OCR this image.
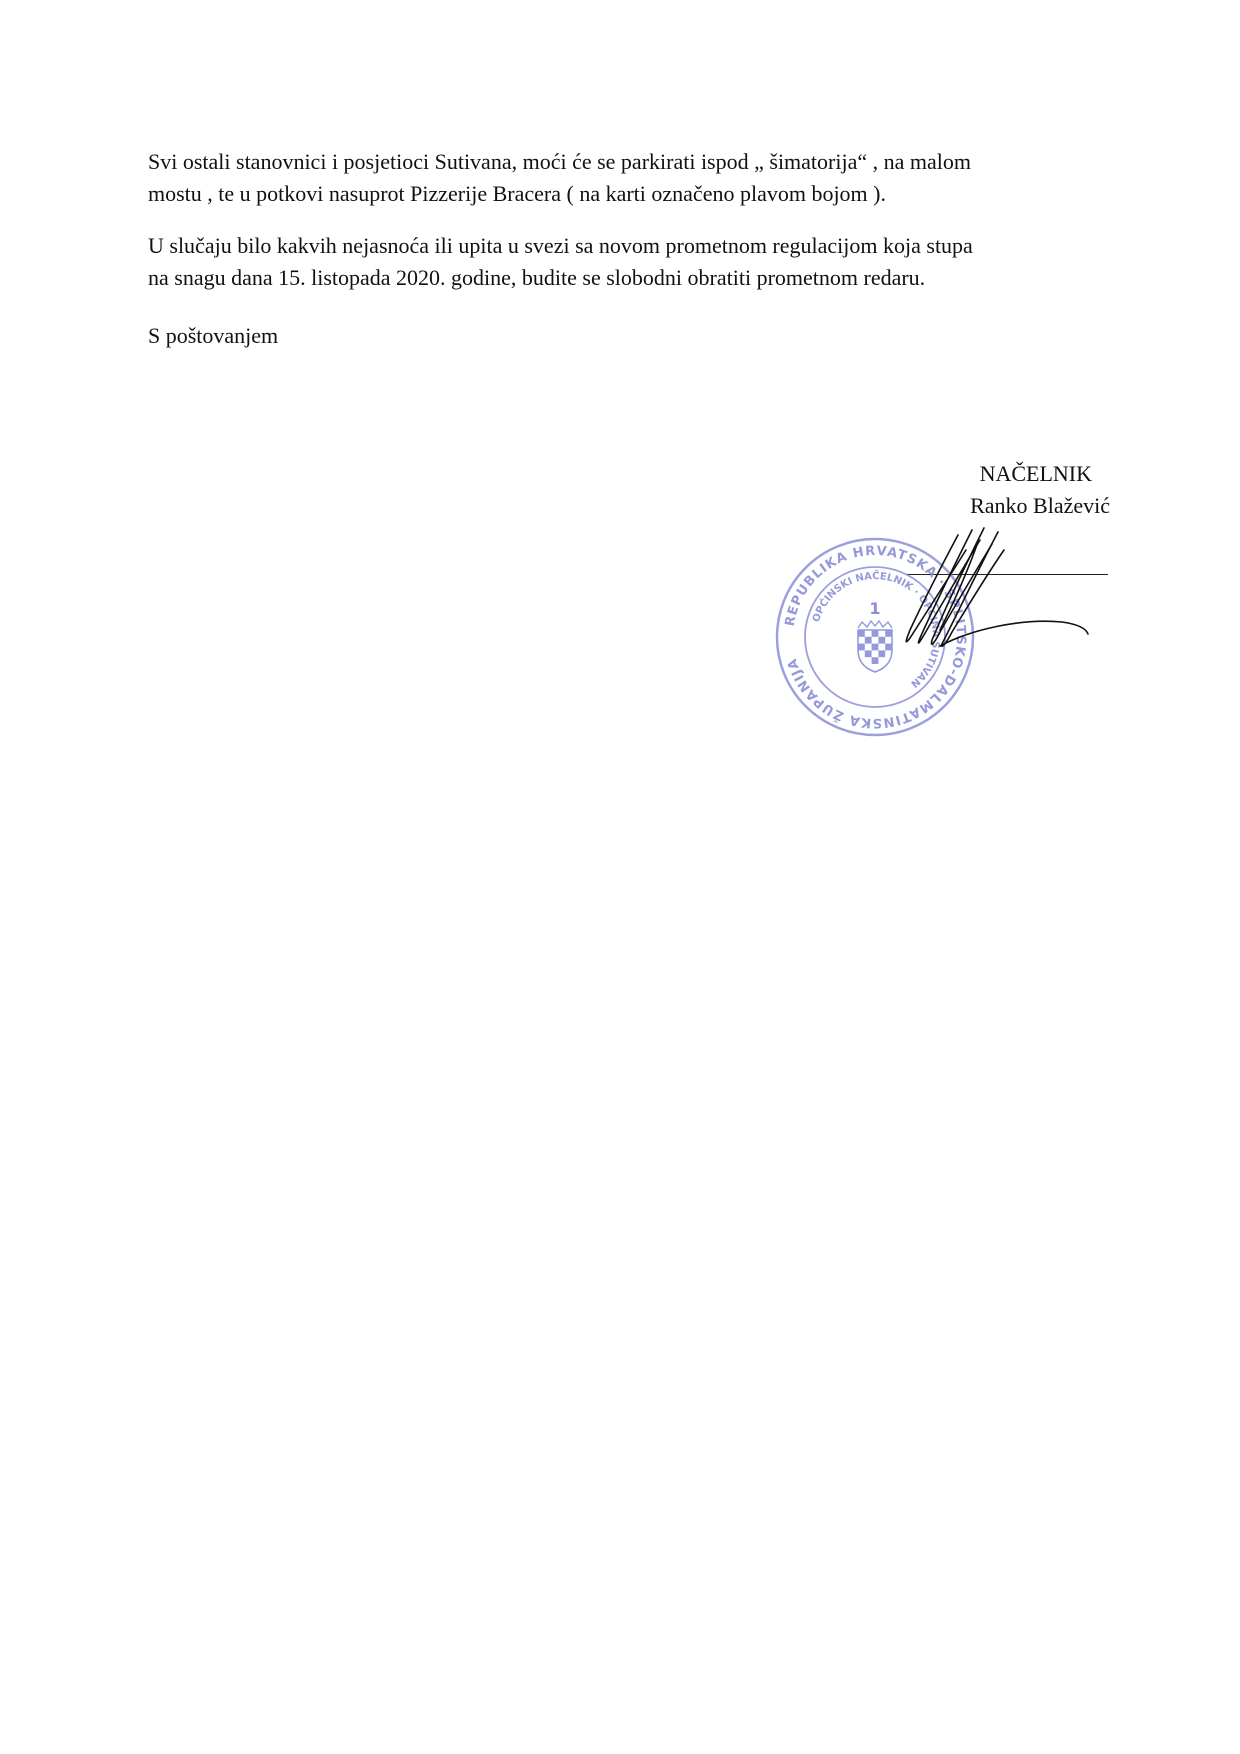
Svi ostali stanovnici i posjetioci Sutivana, moći će se parkirati ispod „ šimatorija“ , na malom
mostu , te u potkovi nasuprot Pizzerije Bracera ( na karti označeno plavom bojom ).

U slučaju bilo kakvih nejasnoća ili upita u svezi sa novom prometnom regulacijom koja stupa
na snagu dana 15. listopada 2020. godine, budite se slobodni obratiti prometnom redaru.

S poštovanjem

NAČELNIK
Ranko Blažević
REPUBLIKA HRVATSKA · SPLITSKO-DALMATINSKA ŽUPANIJA
OPĆINSKI NAČELNIK · OPĆINA SUTIVAN
1
